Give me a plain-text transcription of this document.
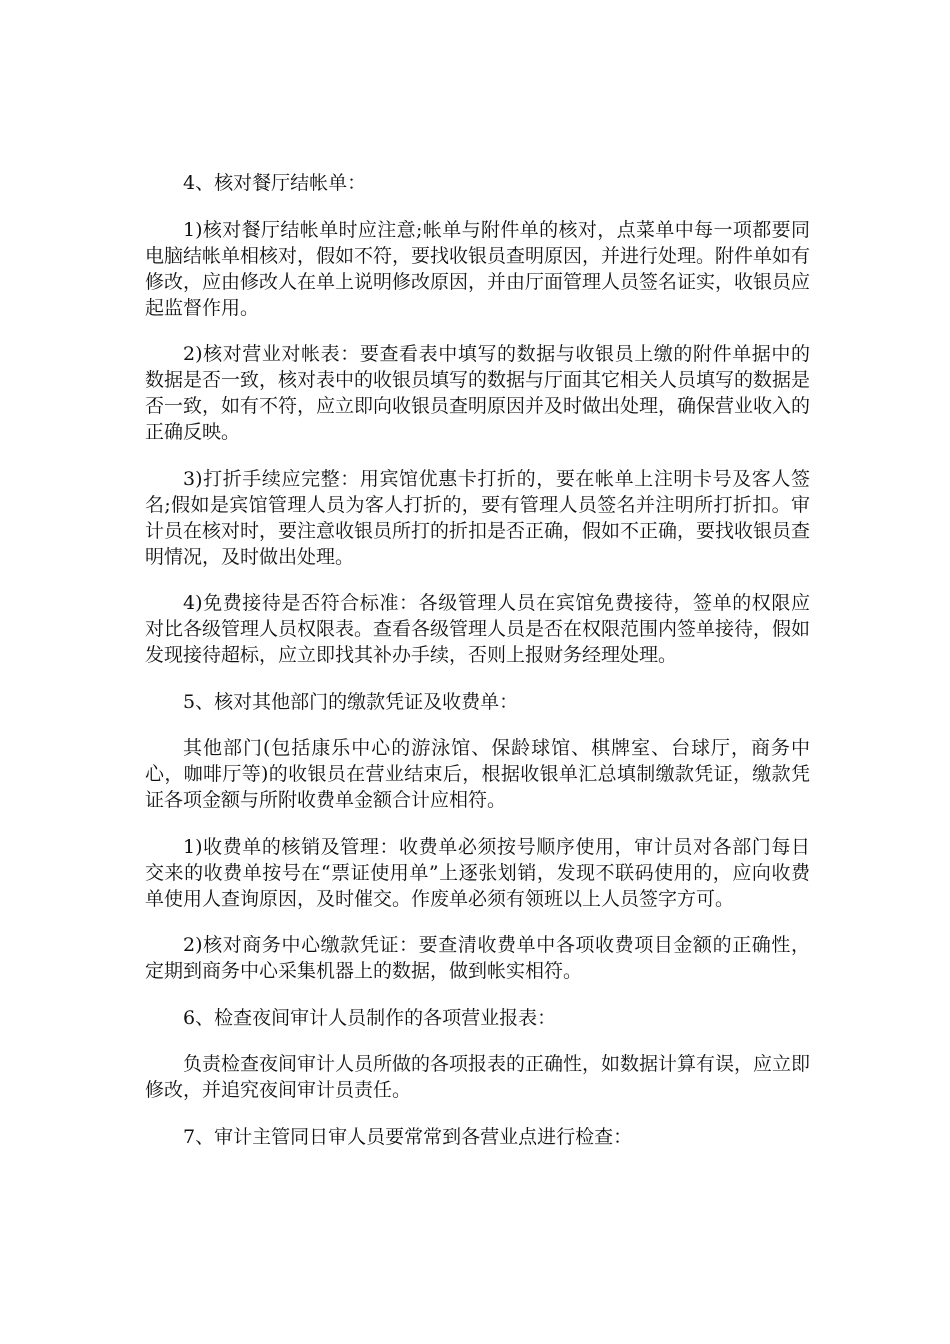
4、核对餐厅结帐单：

1)核对餐厅结帐单时应注意;帐单与附件单的核对，点菜单中每一项都要同电脑结帐单相核对，假如不符，要找收银员查明原因，并进行处理。附件单如有修改，应由修改人在单上说明修改原因，并由厅面管理人员签名证实，收银员应起监督作用。

2)核对营业对帐表：要查看表中填写的数据与收银员上缴的附件单据中的数据是否一致，核对表中的收银员填写的数据与厅面其它相关人员填写的数据是否一致，如有不符，应立即向收银员查明原因并及时做出处理，确保营业收入的正确反映。

3)打折手续应完整：用宾馆优惠卡打折的，要在帐单上注明卡号及客人签名;假如是宾馆管理人员为客人打折的，要有管理人员签名并注明所打折扣。审计员在核对时，要注意收银员所打的折扣是否正确，假如不正确，要找收银员查明情况，及时做出处理。

4)免费接待是否符合标准：各级管理人员在宾馆免费接待，签单的权限应对比各级管理人员权限表。查看各级管理人员是否在权限范围内签单接待，假如发现接待超标，应立即找其补办手续，否则上报财务经理处理。

5、核对其他部门的缴款凭证及收费单：

其他部门(包括康乐中心的游泳馆、保龄球馆、棋牌室、台球厅，商务中心，咖啡厅等)的收银员在营业结束后，根据收银单汇总填制缴款凭证，缴款凭证各项金额与所附收费单金额合计应相符。

1)收费单的核销及管理：收费单必须按号顺序使用，审计员对各部门每日交来的收费单按号在“票证使用单”上逐张划销，发现不联码使用的，应向收费单使用人查询原因，及时催交。作废单必须有领班以上人员签字方可。

2)核对商务中心缴款凭证：要查清收费单中各项收费项目金额的正确性，定期到商务中心采集机器上的数据，做到帐实相符。

6、检查夜间审计人员制作的各项营业报表：

负责检查夜间审计人员所做的各项报表的正确性，如数据计算有误，应立即修改，并追究夜间审计员责任。

7、审计主管同日审人员要常常到各营业点进行检查：
